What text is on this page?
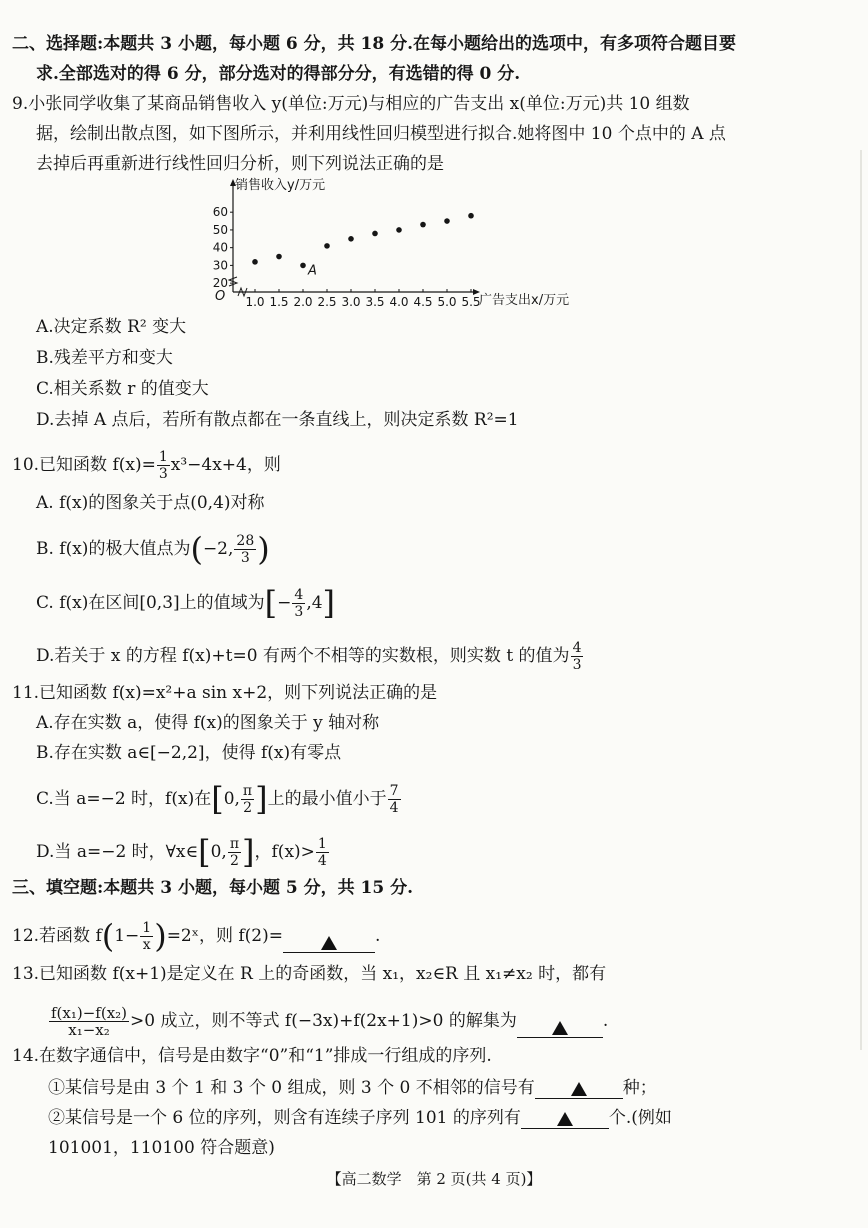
二、选择题:本题共 3 小题，每小题 6 分，共 18 分.在每小题给出的选项中，有多项符合题目要
求.全部选对的得 6 分，部分选对的得部分分，有选错的得 0 分.
9.小张同学收集了某商品销售收入 y(单位:万元)与相应的广告支出 x(单位:万元)共 10 组数
据，绘制出散点图，如下图所示，并利用线性回归模型进行拟合.她将图中 10 个点中的 A 点
去掉后再重新进行线性回归分析，则下列说法正确的是
20
30
40
50
60
1.0 1.5 2.0 2.5 3.0 3.5 4.0 4.5 5.0 5.5
A
销售收入y/万元
广告支出x/万元
O
A.决定系数 R² 变大
B.残差平方和变大
C.相关系数 r 的值变大
D.去掉 A 点后，若所有散点都在一条直线上，则决定系数 R²=1
10.已知函数 $f(x)= \frac{1}{3} x^3-4x+4$，则
A. f(x)的图象关于点(0,4)对称
B. f(x)的极大值点为(−2, $\frac{28}{3}$ )
C. f(x)在区间[0,3]上的值域为[− $\frac{4}{3} ,4$]
D.若关于 x 的方程 f(x)+t=0 有两个不相等的实数根，则实数 t 的值为 $\frac{4}{3}$
11.已知函数 f(x)=x²+a sin x+2，则下列说法正确的是
A.存在实数 a，使得 f(x)的图象关于 y 轴对称
B.存在实数 a∈[−2,2]，使得 f(x)有零点
C.当 a=−2 时，f(x)在[0, $\frac{\pi}{2}$ ]上的最小值小于 $\frac{7}{4}$
D.当 a=−2 时，∀x∈[0, $\frac{\pi}{2}$ ]，$f(x)> \frac{1}{4}$
三、填空题:本题共 3 小题，每小题 5 分，共 15 分.
12.若函数 $f(1- \frac{1}{x}$ )=2ˣ，则 f(2)=	.
13.已知函数 f(x+1)是定义在 R 上的奇函数，当 x₁，x₂∈R 且 x₁≠x₂ 时，都有
$\frac{\text{f(x₁)−f(x₂)}}{\text{x₁−x₂}} >0$ 成立，则不等式 f(−3x)+f(2x+1)>0 的解集为	.
14.在数字通信中，信号是由数字“0”和“1”排成一行组成的序列.
①某信号是由 3 个 1 和 3 个 0 组成，则 3 个 0 不相邻的信号有	种；
②某信号是一个 6 位的序列，则含有连续子序列 101 的序列有	个.(例如
101001，110100 符合题意)
【高二数学　第 2 页(共 4 页)】
